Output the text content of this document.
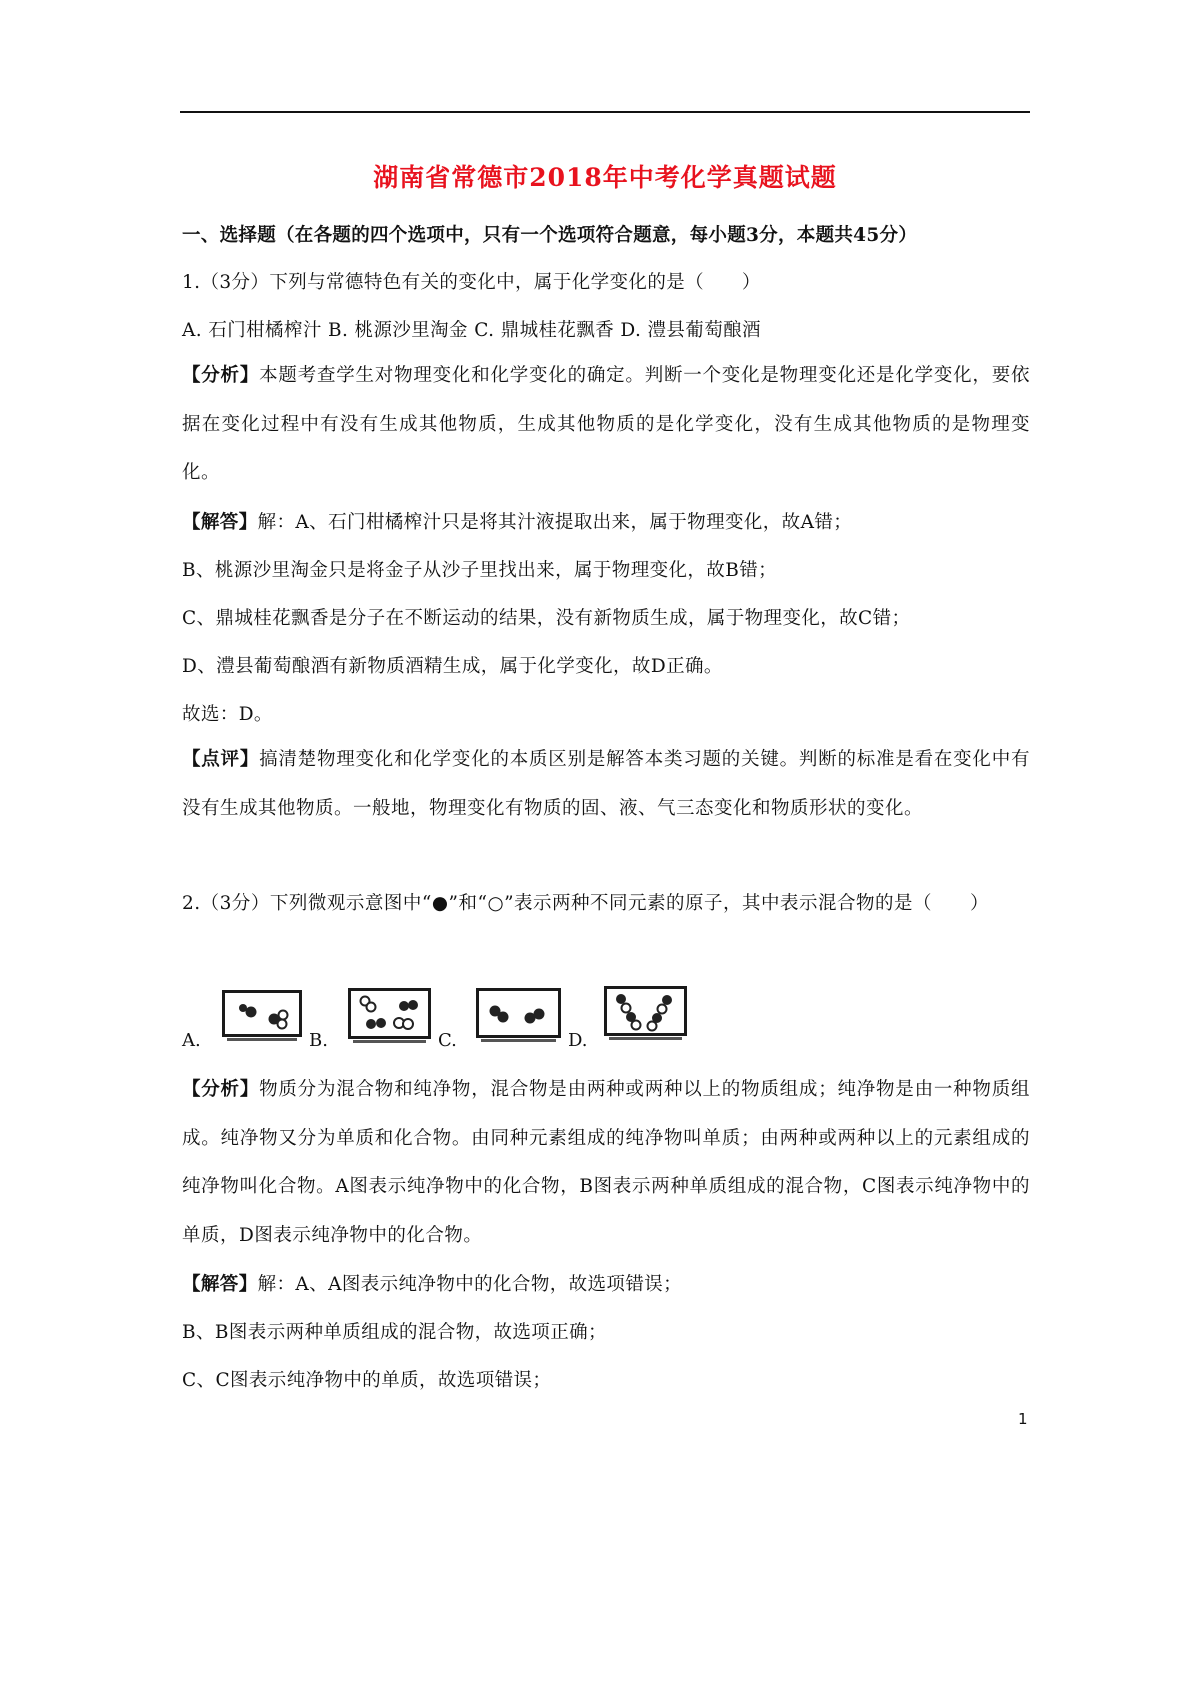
湖南省常德市2018年中考化学真题试题
一、选择题（在各题的四个选项中，只有一个选项符合题意，每小题3分，本题共45分）
1.（3分）下列与常德特色有关的变化中，属于化学变化的是（　　）
A. 石门柑橘榨汁 B. 桃源沙里淘金 C. 鼎城桂花飘香 D. 澧县葡萄酿酒
【分析】本题考查学生对物理变化和化学变化的确定。判断一个变化是物理变化还是化学变化，要依据在变化过程中有没有生成其他物质，生成其他物质的是化学变化，没有生成其他物质的是物理变化。
【解答】解：A、石门柑橘榨汁只是将其汁液提取出来，属于物理变化，故A错；
B、桃源沙里淘金只是将金子从沙子里找出来，属于物理变化，故B错；
C、鼎城桂花飘香是分子在不断运动的结果，没有新物质生成，属于物理变化，故C错；
D、澧县葡萄酿酒有新物质酒精生成，属于化学变化，故D正确。
故选：D。
【点评】搞清楚物理变化和化学变化的本质区别是解答本类习题的关键。判断的标准是看在变化中有没有生成其他物质。一般地，物理变化有物质的固、液、气三态变化和物质形状的变化。
2.（3分）下列微观示意图中“●”和“○”表示两种不同元素的原子，其中表示混合物的是（　　）
A.	B.	C.	D.
【分析】物质分为混合物和纯净物，混合物是由两种或两种以上的物质组成；纯净物是由一种物质组成。纯净物又分为单质和化合物。由同种元素组成的纯净物叫单质；由两种或两种以上的元素组成的纯净物叫化合物。A图表示纯净物中的化合物，B图表示两种单质组成的混合物，C图表示纯净物中的单质，D图表示纯净物中的化合物。
【解答】解：A、A图表示纯净物中的化合物，故选项错误；
B、B图表示两种单质组成的混合物，故选项正确；
C、C图表示纯净物中的单质，故选项错误；
1
